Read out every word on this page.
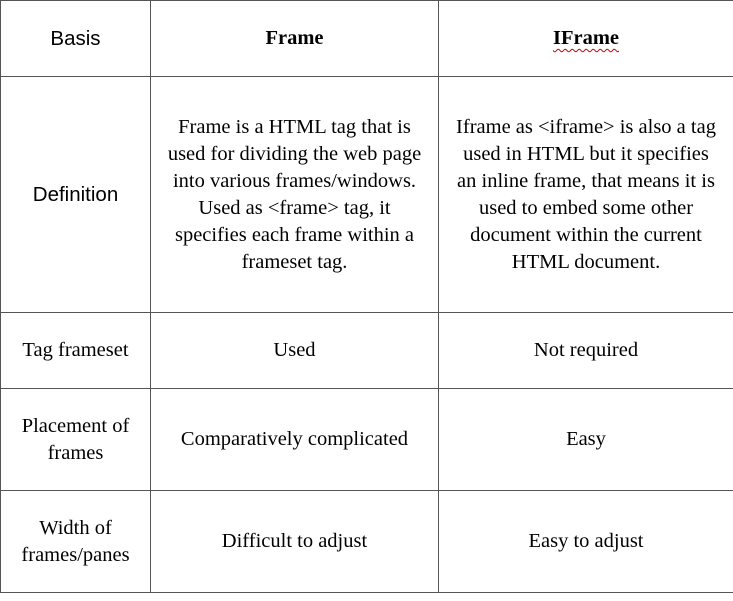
Basis	Frame	IFrame
Definition	Frame is a HTML tag that is used for dividing the web page into various frames/windows. Used as <frame> tag, it specifies each frame within a frameset tag.	Iframe as <iframe> is also a tag used in HTML but it specifies an inline frame, that means it is used to embed some other document within the current HTML document.
Tag frameset	Used	Not required
Placement of frames	Comparatively complicated	Easy
Width of frames/panes	Difficult to adjust	Easy to adjust
